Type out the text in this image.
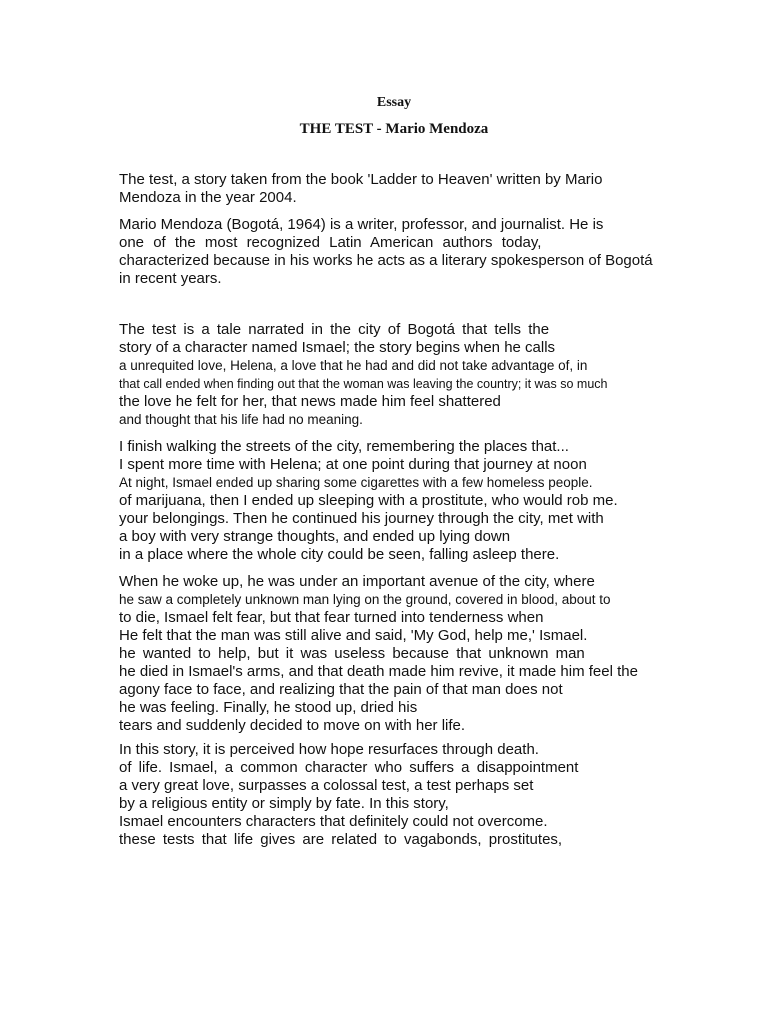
Essay
THE TEST - Mario Mendoza
The test, a story taken from the book 'Ladder to Heaven' written by Mario
Mendoza in the year 2004.
Mario Mendoza (Bogotá, 1964) is a writer, professor, and journalist. He is
one of the most recognized Latin American authors today,
characterized because in his works he acts as a literary spokesperson of Bogotá
in recent years.
The test is a tale narrated in the city of Bogotá that tells the
story of a character named Ismael; the story begins when he calls
a unrequited love, Helena, a love that he had and did not take advantage of, in
that call ended when finding out that the woman was leaving the country; it was so much
the love he felt for her, that news made him feel shattered
and thought that his life had no meaning.
I finish walking the streets of the city, remembering the places that...
I spent more time with Helena; at one point during that journey at noon
At night, Ismael ended up sharing some cigarettes with a few homeless people.
of marijuana, then I ended up sleeping with a prostitute, who would rob me.
your belongings. Then he continued his journey through the city, met with
a boy with very strange thoughts, and ended up lying down
in a place where the whole city could be seen, falling asleep there.
When he woke up, he was under an important avenue of the city, where
he saw a completely unknown man lying on the ground, covered in blood, about to
to die, Ismael felt fear, but that fear turned into tenderness when
He felt that the man was still alive and said, 'My God, help me,' Ismael.
he wanted to help, but it was useless because that unknown man
he died in Ismael's arms, and that death made him revive, it made him feel the
agony face to face, and realizing that the pain of that man does not
he was feeling. Finally, he stood up, dried his
tears and suddenly decided to move on with her life.
In this story, it is perceived how hope resurfaces through death.
of life. Ismael, a common character who suffers a disappointment
a very great love, surpasses a colossal test, a test perhaps set
by a religious entity or simply by fate. In this story,
Ismael encounters characters that definitely could not overcome.
these tests that life gives are related to vagabonds, prostitutes,
